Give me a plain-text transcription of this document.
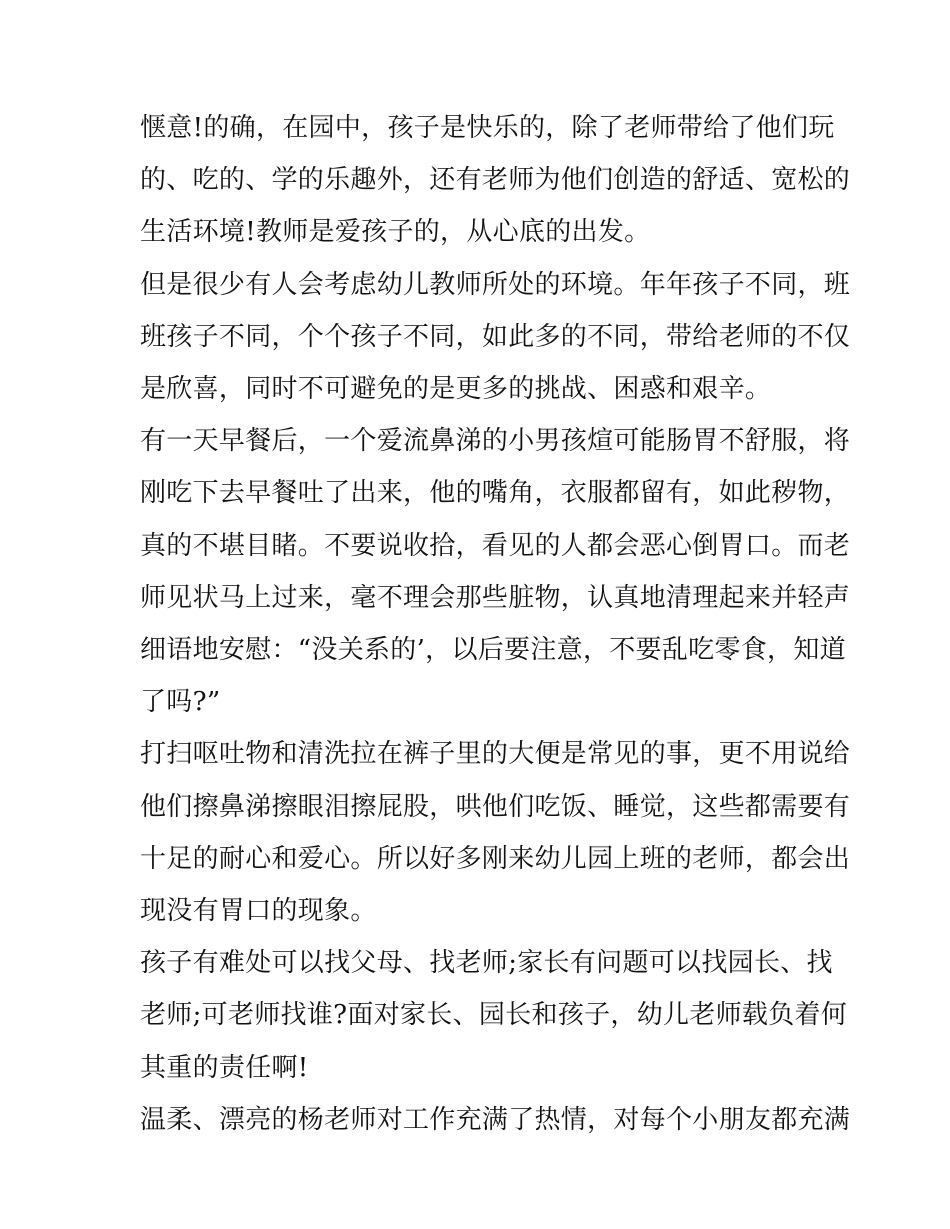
惬意!的确，在园中，孩子是快乐的，除了老师带给了他们玩

的、吃的、学的乐趣外，还有老师为他们创造的舒适、宽松的

生活环境!教师是爱孩子的，从心底的出发。

但是很少有人会考虑幼儿教师所处的环境。年年孩子不同，班

班孩子不同，个个孩子不同，如此多的不同，带给老师的不仅

是欣喜，同时不可避免的是更多的挑战、困惑和艰辛。

有一天早餐后，一个爱流鼻涕的小男孩煊可能肠胃不舒服，将

刚吃下去早餐吐了出来，他的嘴角，衣服都留有，如此秽物，

真的不堪目睹。不要说收拾，看见的人都会恶心倒胃口。而老

师见状马上过来，毫不理会那些脏物，认真地清理起来并轻声

细语地安慰：“没关系的’，以后要注意，不要乱吃零食，知道

了吗?”

打扫呕吐物和清洗拉在裤子里的大便是常见的事，更不用说给

他们擦鼻涕擦眼泪擦屁股，哄他们吃饭、睡觉，这些都需要有

十足的耐心和爱心。所以好多刚来幼儿园上班的老师，都会出

现没有胃口的现象。

孩子有难处可以找父母、找老师;家长有问题可以找园长、找

老师;可老师找谁?面对家长、园长和孩子，幼儿老师载负着何

其重的责任啊!

温柔、漂亮的杨老师对工作充满了热情，对每个小朋友都充满
